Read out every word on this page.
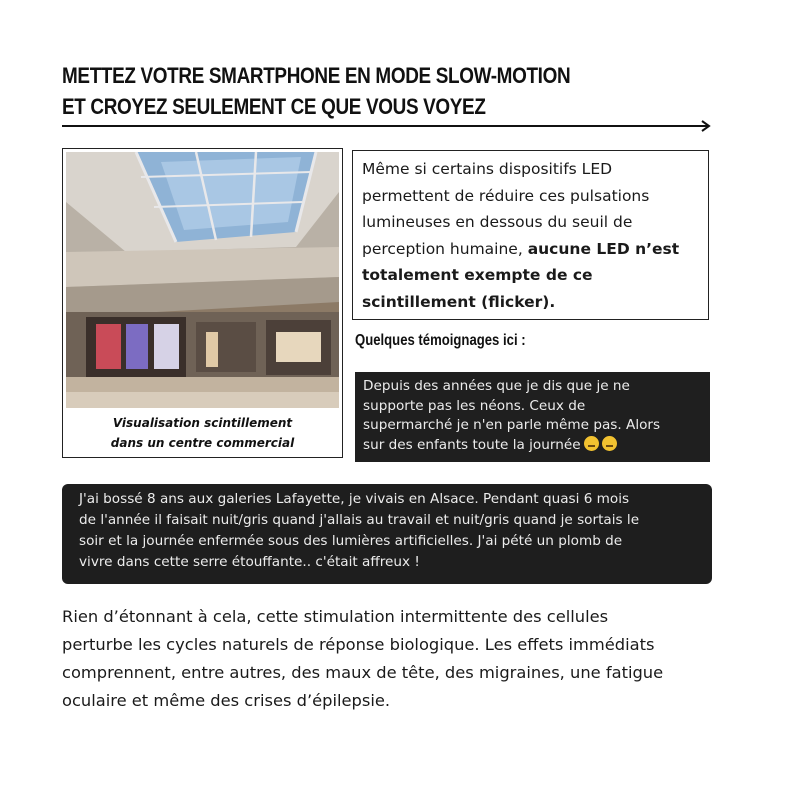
METTEZ VOTRE SMARTPHONE EN MODE SLOW-MOTION
ET CROYEZ SEULEMENT CE QUE VOUS VOYEZ
Visualisation scintillement
dans un centre commercial
Même si certains dispositifs LED
permettent de réduire ces pulsations
lumineuses en dessous du seuil de
perception humaine, aucune LED n’est
totalement exempte de ce
scintillement (flicker).
Quelques témoignages ici :
Depuis des années que je dis que je ne
supporte pas les néons. Ceux de
supermarché je n'en parle même pas. Alors
sur des enfants toute la journée
J'ai bossé 8 ans aux galeries Lafayette, je vivais en Alsace. Pendant quasi 6 mois
de l'année il faisait nuit/gris quand j'allais au travail et nuit/gris quand je sortais le
soir et la journée enfermée sous des lumières artificielles. J'ai pété un plomb de
vivre dans cette serre étouffante.. c'était affreux !
Rien d’étonnant à cela, cette stimulation intermittente des cellules
perturbe les cycles naturels de réponse biologique. Les effets immédiats
comprennent, entre autres, des maux de tête, des migraines, une fatigue
oculaire et même des crises d’épilepsie.
